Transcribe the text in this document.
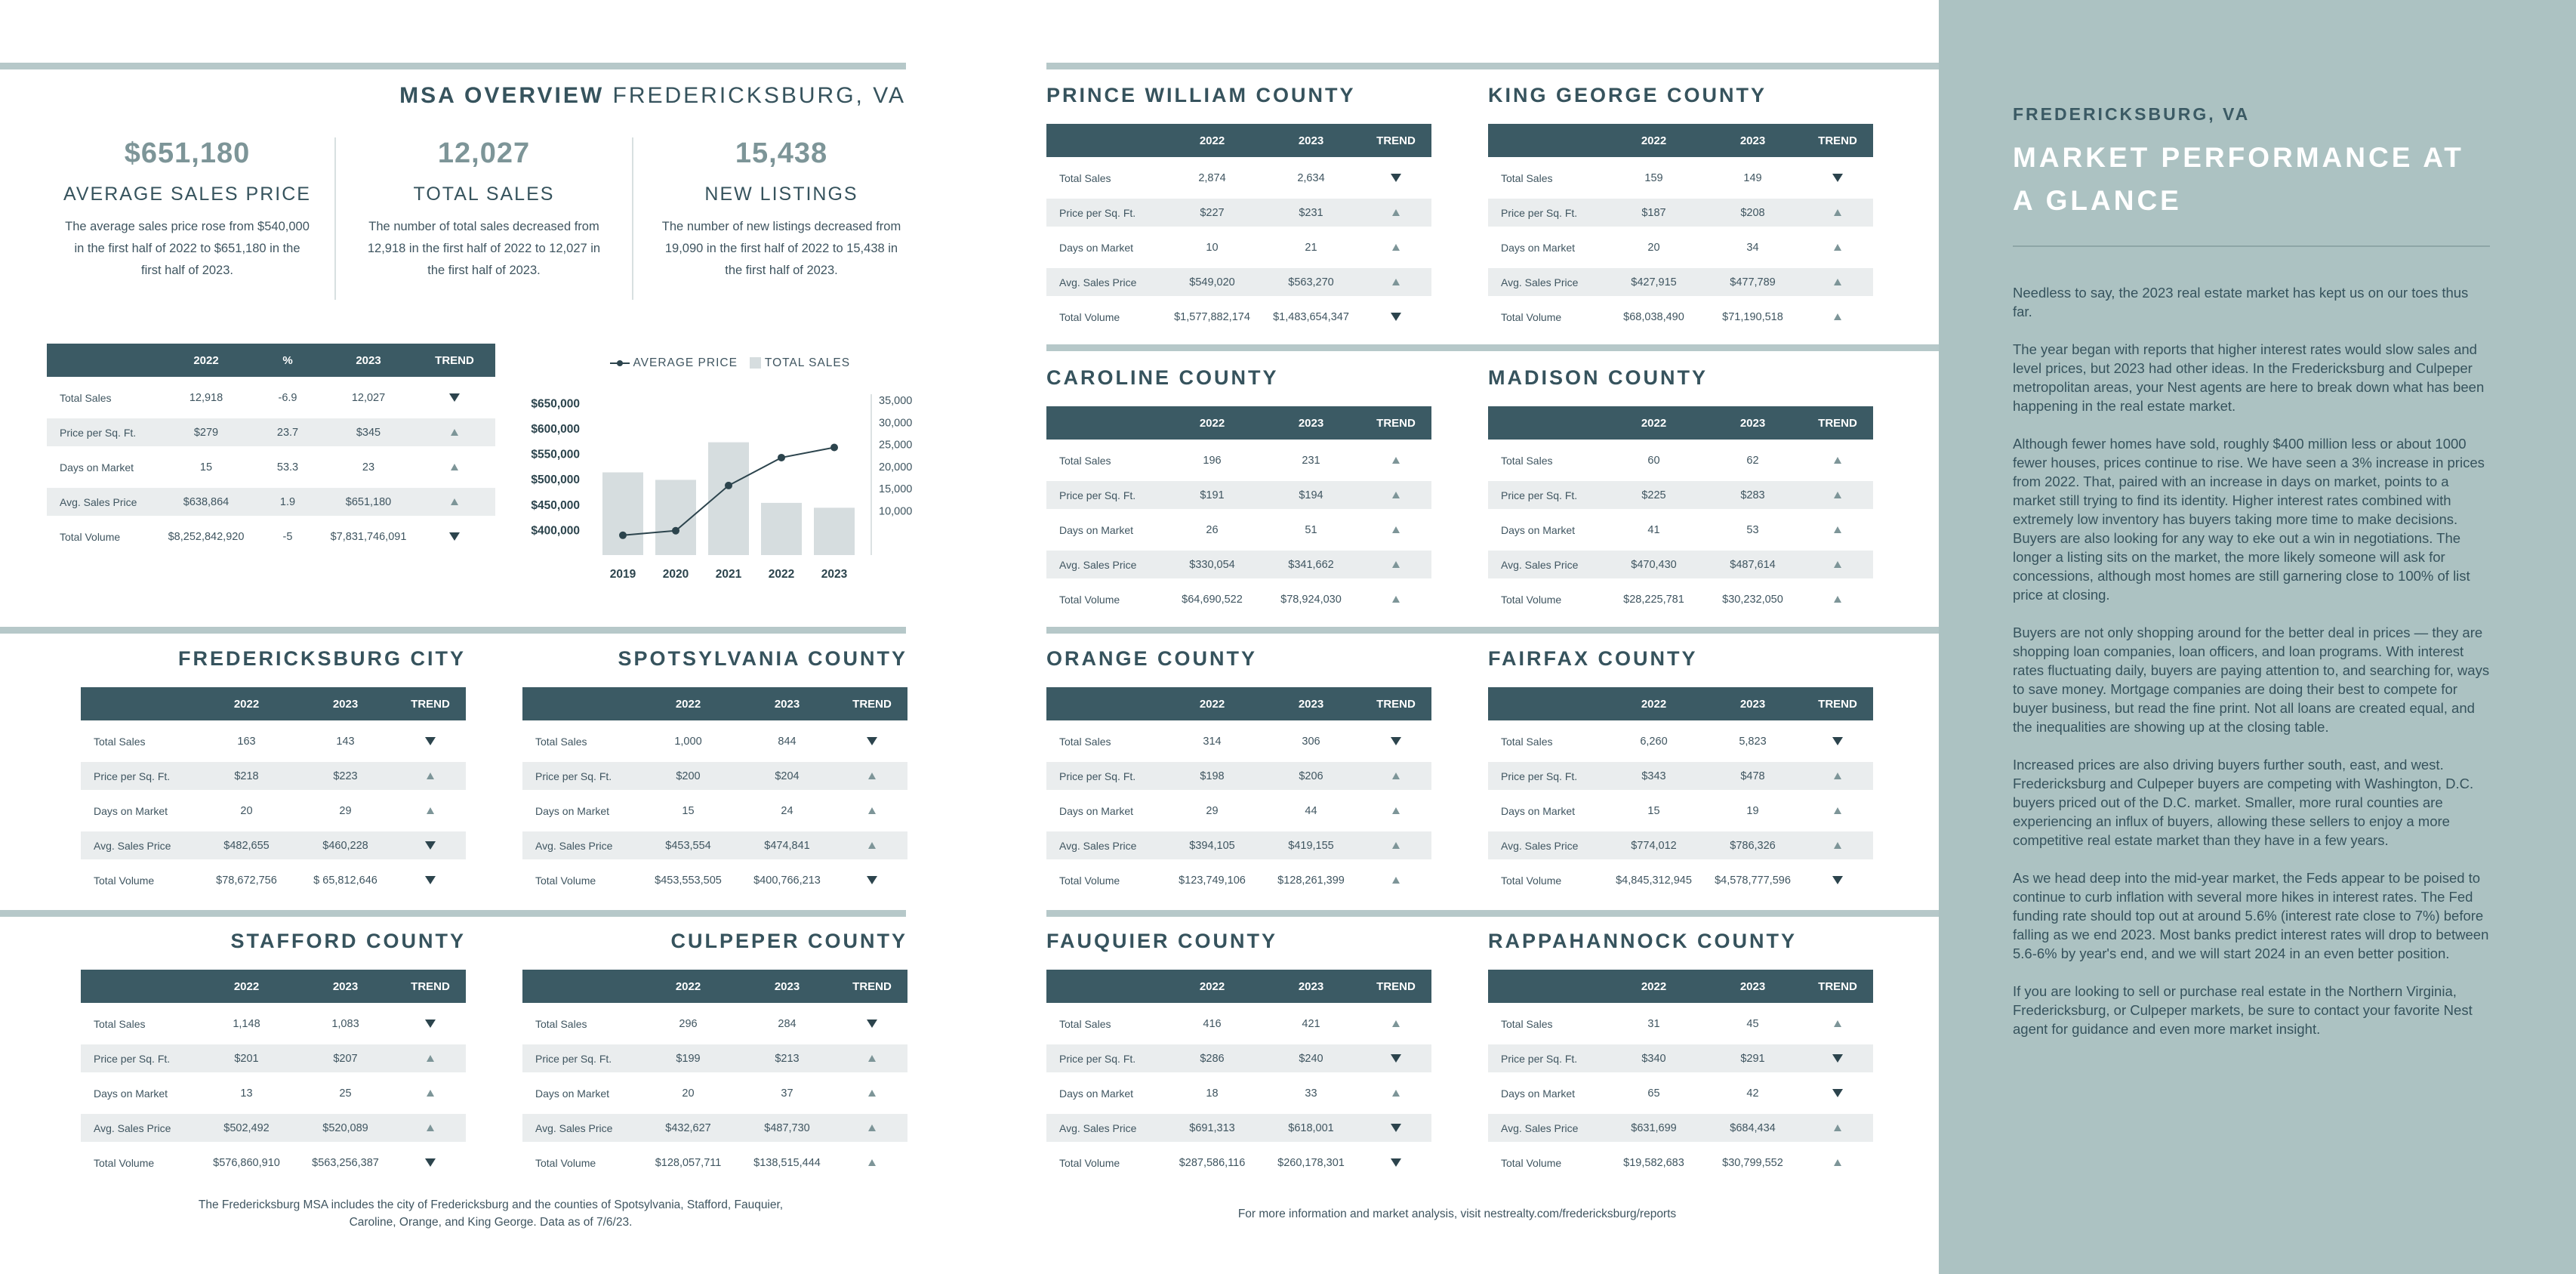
MSA OVERVIEW FREDERICKSBURG, VA
$651,180
AVERAGE SALES PRICE
The average sales price rose from $540,000 in the first half of 2022 to $651,180 in the first half of 2023.
12,027
TOTAL SALES
The number of total sales decreased from 12,918 in the first half of 2022 to 12,027 in the first half of 2023.
15,438
NEW LISTINGS
The number of new listings decreased from 19,090 in the first half of 2022 to 15,438 in the first half of 2023.
	2022	%	2023	TREND
Total Sales	12,918	-6.9	12,027	
Price per Sq. Ft.	$279	23.7	$345	
Days on Market	15	53.3	23	
Avg. Sales Price	$638,864	1.9	$651,180	
Total Volume	$8,252,842,920	-5	$7,831,746,091	
AVERAGE PRICE TOTAL SALES
$400,000
$450,000
$500,000
$550,000
$600,000
$650,000
10,000
15,000
20,000
25,000
30,000
35,000
2019 2020 2021 2022 2023
FREDERICKSBURG CITY
	2022	2023	TREND
Total Sales	163	143	
Price per Sq. Ft.	$218	$223	
Days on Market	20	29	
Avg. Sales Price	$482,655	$460,228	
Total Volume	$78,672,756	$ 65,812,646	
SPOTSYLVANIA COUNTY
	2022	2023	TREND
Total Sales	1,000	844	
Price per Sq. Ft.	$200	$204	
Days on Market	15	24	
Avg. Sales Price	$453,554	$474,841	
Total Volume	$453,553,505	$400,766,213	
STAFFORD COUNTY
	2022	2023	TREND
Total Sales	1,148	1,083	
Price per Sq. Ft.	$201	$207	
Days on Market	13	25	
Avg. Sales Price	$502,492	$520,089	
Total Volume	$576,860,910	$563,256,387	
CULPEPER COUNTY
	2022	2023	TREND
Total Sales	296	284	
Price per Sq. Ft.	$199	$213	
Days on Market	20	37	
Avg. Sales Price	$432,627	$487,730	
Total Volume	$128,057,711	$138,515,444	
PRINCE WILLIAM COUNTY
	2022	2023	TREND
Total Sales	2,874	2,634	
Price per Sq. Ft.	$227	$231	
Days on Market	10	21	
Avg. Sales Price	$549,020	$563,270	
Total Volume	$1,577,882,174	$1,483,654,347	
KING GEORGE COUNTY
	2022	2023	TREND
Total Sales	159	149	
Price per Sq. Ft.	$187	$208	
Days on Market	20	34	
Avg. Sales Price	$427,915	$477,789	
Total Volume	$68,038,490	$71,190,518	
CAROLINE COUNTY
	2022	2023	TREND
Total Sales	196	231	
Price per Sq. Ft.	$191	$194	
Days on Market	26	51	
Avg. Sales Price	$330,054	$341,662	
Total Volume	$64,690,522	$78,924,030	
MADISON COUNTY
	2022	2023	TREND
Total Sales	60	62	
Price per Sq. Ft.	$225	$283	
Days on Market	41	53	
Avg. Sales Price	$470,430	$487,614	
Total Volume	$28,225,781	$30,232,050	
ORANGE COUNTY
	2022	2023	TREND
Total Sales	314	306	
Price per Sq. Ft.	$198	$206	
Days on Market	29	44	
Avg. Sales Price	$394,105	$419,155	
Total Volume	$123,749,106	$128,261,399	
FAIRFAX COUNTY
	2022	2023	TREND
Total Sales	6,260	5,823	
Price per Sq. Ft.	$343	$478	
Days on Market	15	19	
Avg. Sales Price	$774,012	$786,326	
Total Volume	$4,845,312,945	$4,578,777,596	
FAUQUIER COUNTY
	2022	2023	TREND
Total Sales	416	421	
Price per Sq. Ft.	$286	$240	
Days on Market	18	33	
Avg. Sales Price	$691,313	$618,001	
Total Volume	$287,586,116	$260,178,301	
RAPPAHANNOCK COUNTY
	2022	2023	TREND
Total Sales	31	45	
Price per Sq. Ft.	$340	$291	
Days on Market	65	42	
Avg. Sales Price	$631,699	$684,434	
Total Volume	$19,582,683	$30,799,552	
The Fredericksburg MSA includes the city of Fredericksburg and the counties of Spotsylvania, Stafford, Fauquier, Caroline, Orange, and King George. Data as of 7/6/23.
For more information and market analysis, visit nestrealty.com/fredericksburg/reports
FREDERICKSBURG, VA
MARKET PERFORMANCE AT A GLANCE

Needless to say, the 2023 real estate market has kept us on our toes thus far.

The year began with reports that higher interest rates would slow sales and level prices, but 2023 had other ideas. In the Fredericksburg and Culpeper metropolitan areas, your Nest agents are here to break down what has been happening in the real estate market.

Although fewer homes have sold, roughly $400 million less or about 1000 fewer houses, prices continue to rise. We have seen a 3% increase in prices from 2022. That, paired with an increase in days on market, points to a market still trying to find its identity. Higher interest rates combined with extremely low inventory has buyers taking more time to make decisions. Buyers are also looking for any way to eke out a win in negotiations. The longer a listing sits on the market, the more likely someone will ask for concessions, although most homes are still garnering close to 100% of list price at closing.

Buyers are not only shopping around for the better deal in prices — they are shopping loan companies, loan officers, and loan programs. With interest rates fluctuating daily, buyers are paying attention to, and searching for, ways to save money. Mortgage companies are doing their best to compete for buyer business, but read the fine print. Not all loans are created equal, and the inequalities are showing up at the closing table.

Increased prices are also driving buyers further south, east, and west. Fredericksburg and Culpeper buyers are competing with Washington, D.C. buyers priced out of the D.C. market. Smaller, more rural counties are experiencing an influx of buyers, allowing these sellers to enjoy a more competitive real estate market than they have in a few years.

As we head deep into the mid-year market, the Feds appear to be poised to continue to curb inflation with several more hikes in interest rates. The Fed funding rate should top out at around 5.6% (interest rate close to 7%) before falling as we end 2023. Most banks predict interest rates will drop to between 5.6-6% by year's end, and we will start 2024 in an even better position.

If you are looking to sell or purchase real estate in the Northern Virginia, Fredericksburg, or Culpeper markets, be sure to contact your favorite Nest agent for guidance and even more market insight.
